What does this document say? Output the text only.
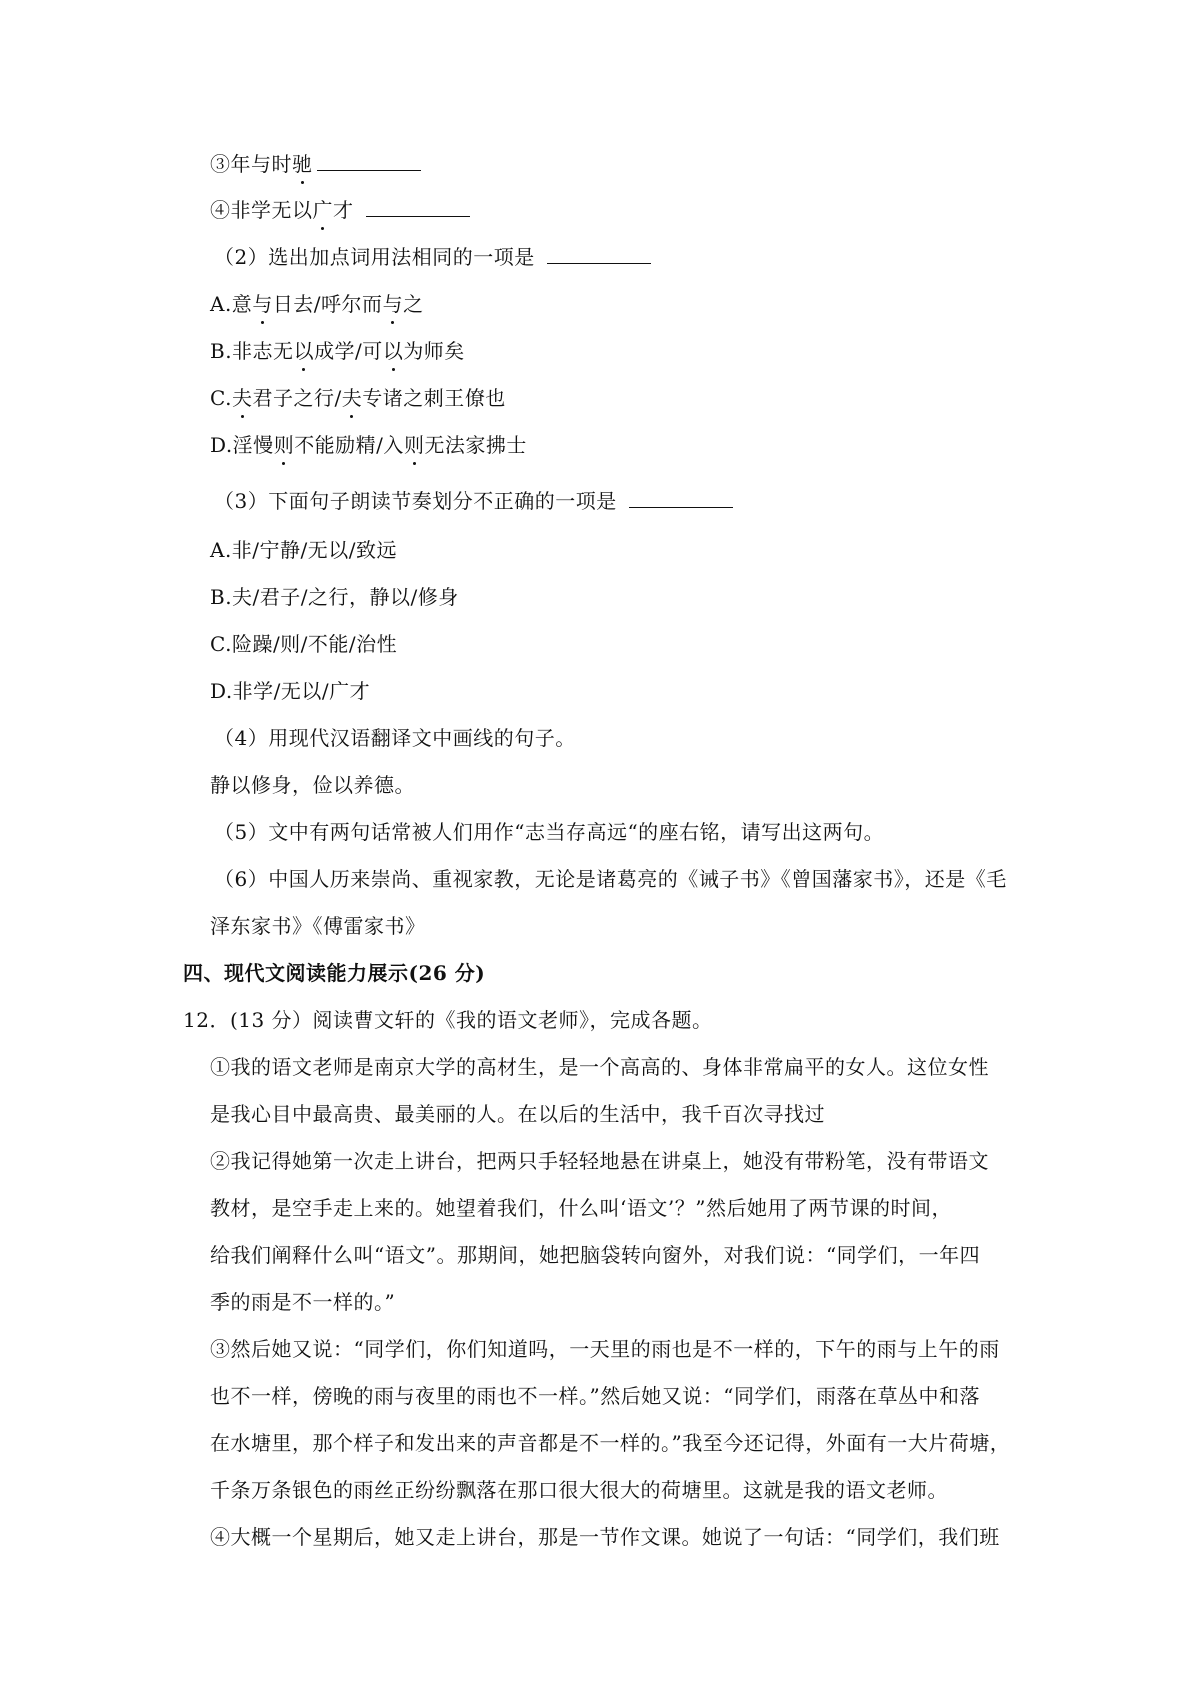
③年与时驰
④非学无以广才
（2）选出加点词用法相同的一项是
A.意与日去/呼尔而与之
B.非志无以成学/可以为师矣
C.夫君子之行/夫专诸之刺王僚也
D.淫慢则不能励精/入则无法家拂士
（3）下面句子朗读节奏划分不正确的一项是
A.非/宁静/无以/致远
B.夫/君子/之行，静以/修身
C.险躁/则/不能/治性
D.非学/无以/广才
（4）用现代汉语翻译文中画线的句子。
静以修身，俭以养德。
（5）文中有两句话常被人们用作“志当存高远“的座右铭，请写出这两句。
（6）中国人历来崇尚、重视家教，无论是诸葛亮的《诫子书》《曾国藩家书》，还是《毛
泽东家书》《傅雷家书》
四、现代文阅读能力展示(26 分)
12．(13 分）阅读曹文轩的《我的语文老师》，完成各题。
①我的语文老师是南京大学的高材生，是一个高高的、身体非常扁平的女人。这位女性
是我心目中最高贵、最美丽的人。在以后的生活中，我千百次寻找过
②我记得她第一次走上讲台，把两只手轻轻地悬在讲桌上，她没有带粉笔，没有带语文
教材，是空手走上来的。她望着我们，什么叫‘语文’？”然后她用了两节课的时间，
给我们阐释什么叫“语文”。那期间，她把脑袋转向窗外，对我们说：“同学们，一年四
季的雨是不一样的。”
③然后她又说：“同学们，你们知道吗，一天里的雨也是不一样的，下午的雨与上午的雨
也不一样，傍晚的雨与夜里的雨也不一样。”然后她又说：“同学们，雨落在草丛中和落
在水塘里，那个样子和发出来的声音都是不一样的。”我至今还记得，外面有一大片荷塘，
千条万条银色的雨丝正纷纷飘落在那口很大很大的荷塘里。这就是我的语文老师。
④大概一个星期后，她又走上讲台，那是一节作文课。她说了一句话：“同学们，我们班
